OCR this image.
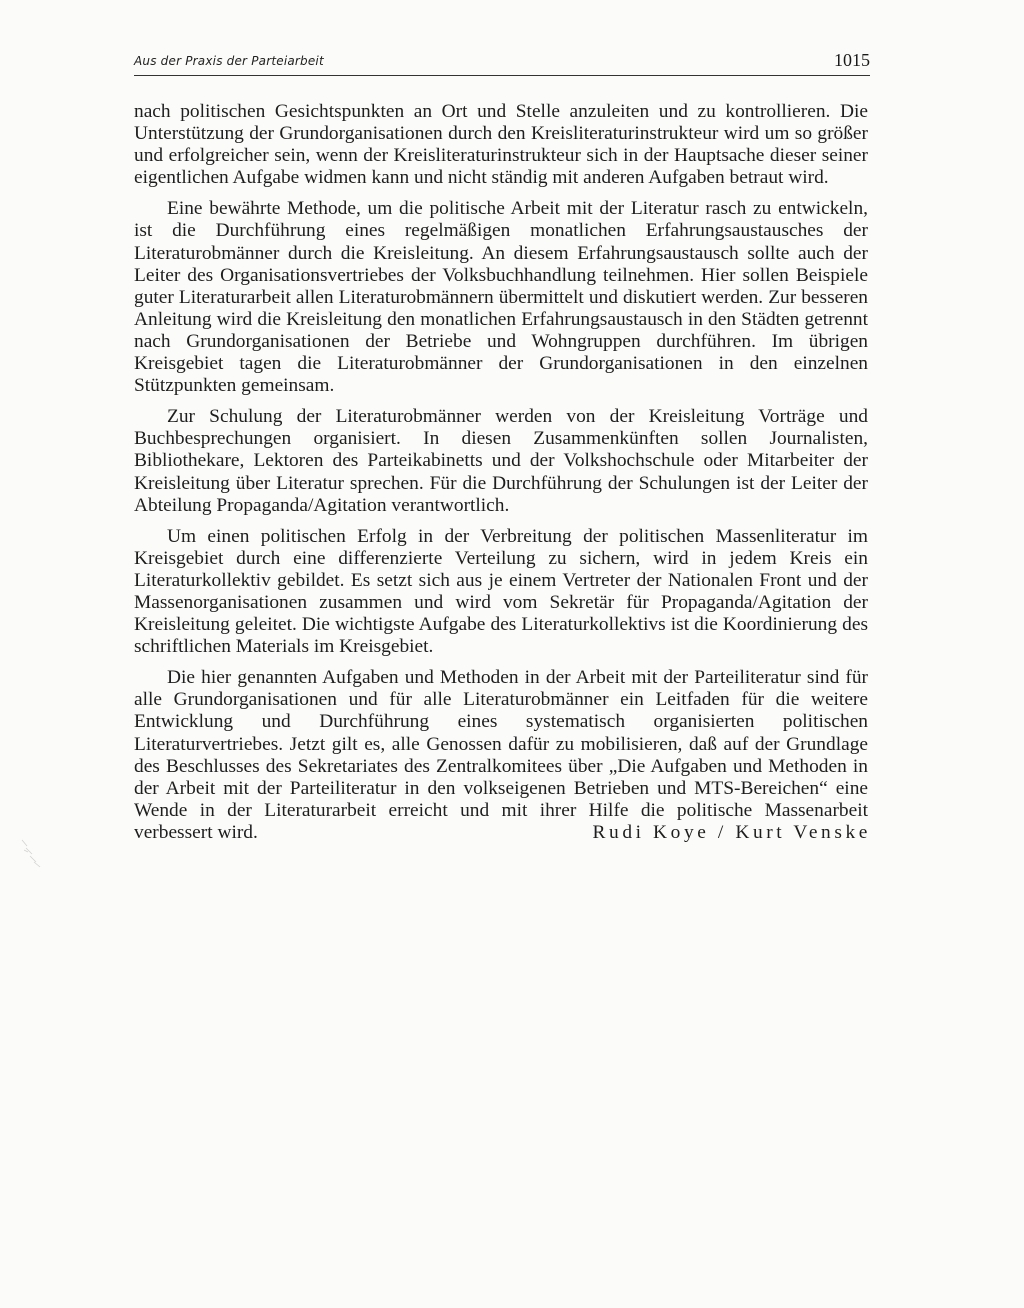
Aus der Praxis der Parteiarbeit	1015

nach politischen Gesichtspunkten an Ort und Stelle anzuleiten und zu kontrollieren. Die Unterstützung der Grundorganisationen durch den Kreisliteraturinstrukteur wird um so größer und erfolgreicher sein, wenn der Kreisliteraturinstrukteur sich in der Hauptsache dieser seiner eigentlichen Aufgabe widmen kann und nicht ständig mit anderen Aufgaben betraut wird.

Eine bewährte Methode, um die politische Arbeit mit der Literatur rasch zu entwickeln, ist die Durchführung eines regelmäßigen monatlichen Erfahrungsaustausches der Literaturobmänner durch die Kreisleitung. An diesem Erfahrungsaustausch sollte auch der Leiter des Organisationsvertriebes der Volksbuchhandlung teilnehmen. Hier sollen Beispiele guter Literaturarbeit allen Literaturobmännern übermittelt und diskutiert werden. Zur besseren Anleitung wird die Kreisleitung den monatlichen Erfahrungsaustausch in den Städten getrennt nach Grundorganisationen der Betriebe und Wohngruppen durchführen. Im übrigen Kreisgebiet tagen die Literaturobmänner der Grundorganisationen in den einzelnen Stützpunkten gemeinsam.

Zur Schulung der Literaturobmänner werden von der Kreisleitung Vorträge und Buchbesprechungen organisiert. In diesen Zusammenkünften sollen Journalisten, Bibliothekare, Lektoren des Parteikabinetts und der Volkshochschule oder Mitarbeiter der Kreisleitung über Literatur sprechen. Für die Durchführung der Schulungen ist der Leiter der Abteilung Propaganda/Agitation verantwortlich.

Um einen politischen Erfolg in der Verbreitung der politischen Massenliteratur im Kreisgebiet durch eine differenzierte Verteilung zu sichern, wird in jedem Kreis ein Literaturkollektiv gebildet. Es setzt sich aus je einem Vertreter der Nationalen Front und der Massenorganisationen zusammen und wird vom Sekretär für Propaganda/Agitation der Kreisleitung geleitet. Die wichtigste Aufgabe des Literaturkollektivs ist die Koordinierung des schriftlichen Materials im Kreisgebiet.

Die hier genannten Aufgaben und Methoden in der Arbeit mit der Parteiliteratur sind für alle Grundorganisationen und für alle Literaturobmänner ein Leitfaden für die weitere Entwicklung und Durchführung eines systematisch organisierten politischen Literaturvertriebes. Jetzt gilt es, alle Genossen dafür zu mobilisieren, daß auf der Grundlage des Beschlusses des Sekretariates des Zentralkomitees über „Die Aufgaben und Methoden in der Arbeit mit der Parteiliteratur in den volkseigenen Betrieben und MTS-Bereichen“ eine Wende in der Literaturarbeit erreicht und mit ihrer Hilfe die politische Massenarbeit verbessert wird.	Rudi Koye / Kurt Venske
